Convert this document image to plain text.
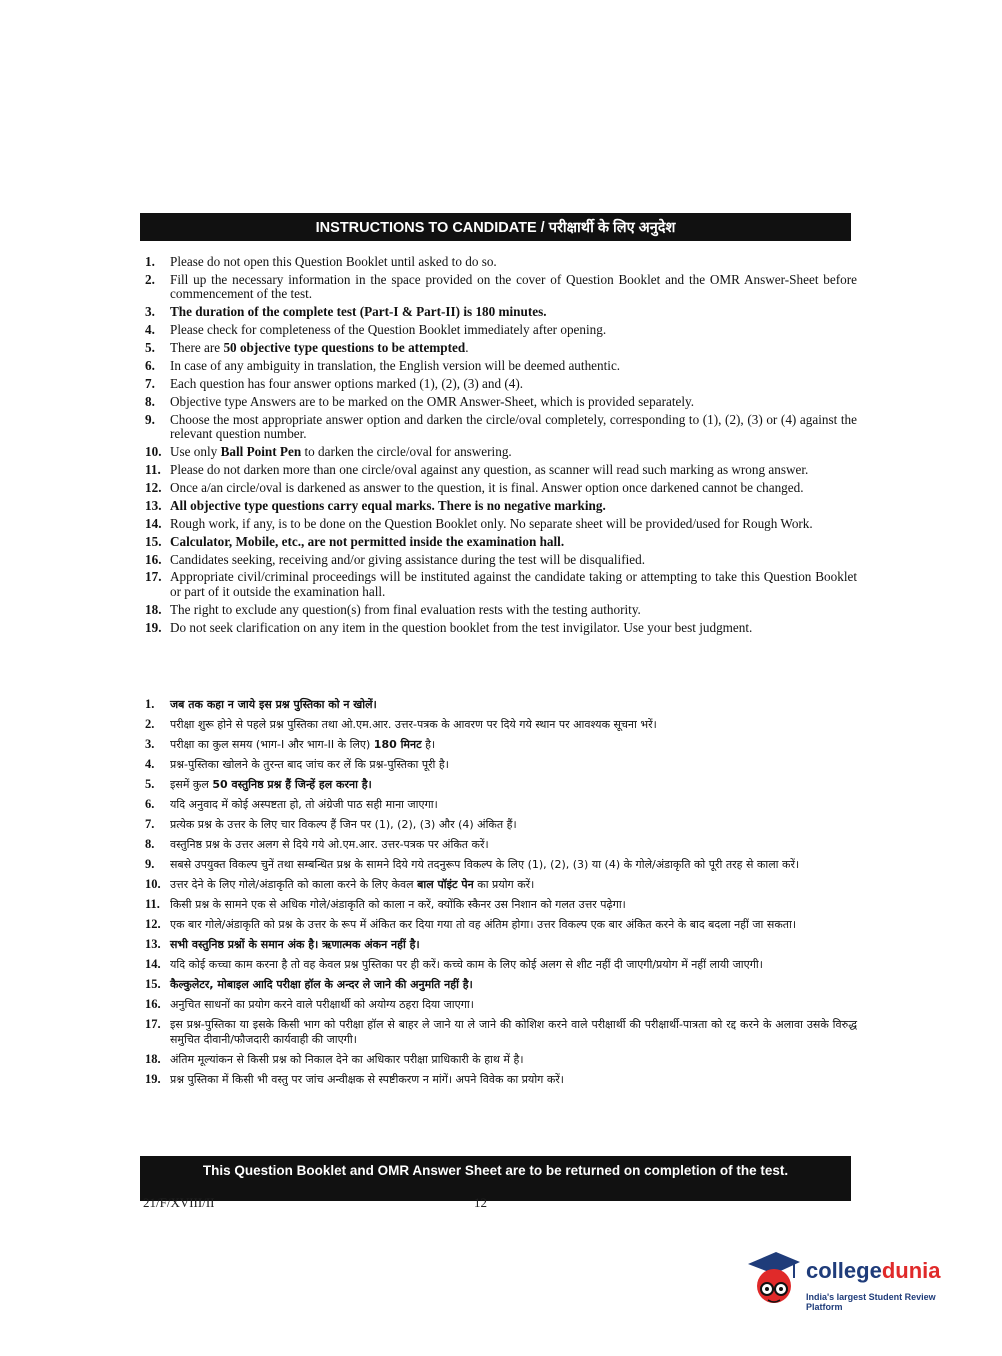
INSTRUCTIONS TO CANDIDATE / परीक्षार्थी के लिए अनुदेश
1. Please do not open this Question Booklet until asked to do so.
2. Fill up the necessary information in the space provided on the cover of Question Booklet and the OMR Answer-Sheet before commencement of the test.
3. The duration of the complete test (Part-I & Part-II) is 180 minutes.
4. Please check for completeness of the Question Booklet immediately after opening.
5. There are 50 objective type questions to be attempted.
6. In case of any ambiguity in translation, the English version will be deemed authentic.
7. Each question has four answer options marked (1), (2), (3) and (4).
8. Objective type Answers are to be marked on the OMR Answer-Sheet, which is provided separately.
9. Choose the most appropriate answer option and darken the circle/oval completely, corresponding to (1), (2), (3) or (4) against the relevant question number.
10. Use only Ball Point Pen to darken the circle/oval for answering.
11. Please do not darken more than one circle/oval against any question, as scanner will read such marking as wrong answer.
12. Once a/an circle/oval is darkened as answer to the question, it is final. Answer option once darkened cannot be changed.
13. All objective type questions carry equal marks. There is no negative marking.
14. Rough work, if any, is to be done on the Question Booklet only. No separate sheet will be provided/used for Rough Work.
15. Calculator, Mobile, etc., are not permitted inside the examination hall.
16. Candidates seeking, receiving and/or giving assistance during the test will be disqualified.
17. Appropriate civil/criminal proceedings will be instituted against the candidate taking or attempting to take this Question Booklet or part of it outside the examination hall.
18. The right to exclude any question(s) from final evaluation rests with the testing authority.
19. Do not seek clarification on any item in the question booklet from the test invigilator. Use your best judgment.
1. जब तक कहा न जाये इस प्रश्न पुस्तिका को न खोलें।
2. परीक्षा शुरू होने से पहले प्रश्न पुस्तिका तथा ओ.एम.आर. उत्तर-पत्रक के आवरण पर दिये गये स्थान पर आवश्यक सूचना भरें।
3. परीक्षा का कुल समय (भाग-I और भाग-II के लिए) 180 मिनट है।
4. प्रश्न-पुस्तिका खोलने के तुरन्त बाद जांच कर लें कि प्रश्न-पुस्तिका पूरी है।
5. इसमें कुल 50 वस्तुनिष्ठ प्रश्न हैं जिन्हें हल करना है।
6. यदि अनुवाद में कोई अस्पष्टता हो, तो अंग्रेजी पाठ सही माना जाएगा।
7. प्रत्येक प्रश्न के उत्तर के लिए चार विकल्प हैं जिन पर (1), (2), (3) और (4) अंकित हैं।
8. वस्तुनिष्ठ प्रश्न के उत्तर अलग से दिये गये ओ.एम.आर. उत्तर-पत्रक पर अंकित करें।
9. सबसे उपयुक्त विकल्प चुनें तथा सम्बन्धित प्रश्न के सामने दिये गये तदनुरूप विकल्प के लिए (1), (2), (3) या (4) के गोले/अंडाकृति को पूरी तरह से काला करें।
10. उत्तर देने के लिए गोले/अंडाकृति को काला करने के लिए केवल बाल पॉइंट पेन का प्रयोग करें।
11. किसी प्रश्न के सामने एक से अधिक गोले/अंडाकृति को काला न करें, क्योंकि स्कैनर उस निशान को गलत उत्तर पढ़ेगा।
12. एक बार गोले/अंडाकृति को प्रश्न के उत्तर के रूप में अंकित कर दिया गया तो वह अंतिम होगा। उत्तर विकल्प एक बार अंकित करने के बाद बदला नहीं जा सकता।
13. सभी वस्तुनिष्ठ प्रश्नों के समान अंक है। ऋणात्मक अंकन नहीं है।
14. यदि कोई कच्चा काम करना है तो वह केवल प्रश्न पुस्तिका पर ही करें। कच्चे काम के लिए कोई अलग से शीट नहीं दी जाएगी/प्रयोग में नहीं लायी जाएगी।
15. कैल्कुलेटर, मोबाइल आदि परीक्षा हॉल के अन्दर ले जाने की अनुमति नहीं है।
16. अनुचित साधनों का प्रयोग करने वाले परीक्षार्थी को अयोग्य ठहरा दिया जाएगा।
17. इस प्रश्न-पुस्तिका या इसके किसी भाग को परीक्षा हॉल से बाहर ले जाने या ले जाने की कोशिश करने वाले परीक्षार्थी की परीक्षार्थी-पात्रता को रद्द करने के अलावा उसके विरुद्ध समुचित दीवानी/फौजदारी कार्यवाही की जाएगी।
18. अंतिम मूल्यांकन से किसी प्रश्न को निकाल देने का अधिकार परीक्षा प्राधिकारी के हाथ में है।
19. प्रश्न पुस्तिका में किसी भी वस्तु पर जांच अन्वीक्षक से स्पष्टीकरण न मांगें। अपने विवेक का प्रयोग करें।
This Question Booklet and OMR Answer Sheet are to be returned on completion of the test.
21/F/XVIII/II	12
collegedunia
India's largest Student Review Platform
